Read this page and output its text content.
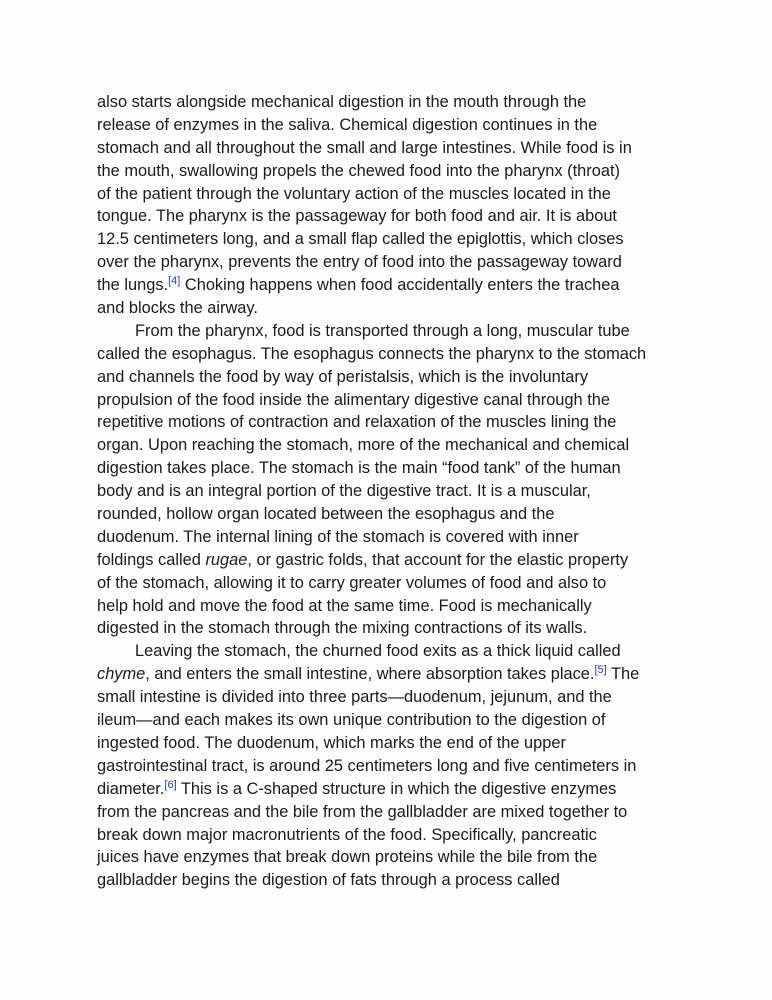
also starts alongside mechanical digestion in the mouth through the
release of enzymes in the saliva. Chemical digestion continues in the
stomach and all throughout the small and large intestines. While food is in
the mouth, swallowing propels the chewed food into the pharynx (throat)
of the patient through the voluntary action of the muscles located in the
tongue. The pharynx is the passageway for both food and air. It is about
12.5 centimeters long, and a small flap called the epiglottis, which closes
over the pharynx, prevents the entry of food into the passageway toward
the lungs.[4] Choking happens when food accidentally enters the trachea
and blocks the airway.
From the pharynx, food is transported through a long, muscular tube
called the esophagus. The esophagus connects the pharynx to the stomach
and channels the food by way of peristalsis, which is the involuntary
propulsion of the food inside the alimentary digestive canal through the
repetitive motions of contraction and relaxation of the muscles lining the
organ. Upon reaching the stomach, more of the mechanical and chemical
digestion takes place. The stomach is the main “food tank” of the human
body and is an integral portion of the digestive tract. It is a muscular,
rounded, hollow organ located between the esophagus and the
duodenum. The internal lining of the stomach is covered with inner
foldings called rugae, or gastric folds, that account for the elastic property
of the stomach, allowing it to carry greater volumes of food and also to
help hold and move the food at the same time. Food is mechanically
digested in the stomach through the mixing contractions of its walls.
Leaving the stomach, the churned food exits as a thick liquid called
chyme, and enters the small intestine, where absorption takes place.[5] The
small intestine is divided into three parts—duodenum, jejunum, and the
ileum—and each makes its own unique contribution to the digestion of
ingested food. The duodenum, which marks the end of the upper
gastrointestinal tract, is around 25 centimeters long and five centimeters in
diameter.[6] This is a C-shaped structure in which the digestive enzymes
from the pancreas and the bile from the gallbladder are mixed together to
break down major macronutrients of the food. Specifically, pancreatic
juices have enzymes that break down proteins while the bile from the
gallbladder begins the digestion of fats through a process called
